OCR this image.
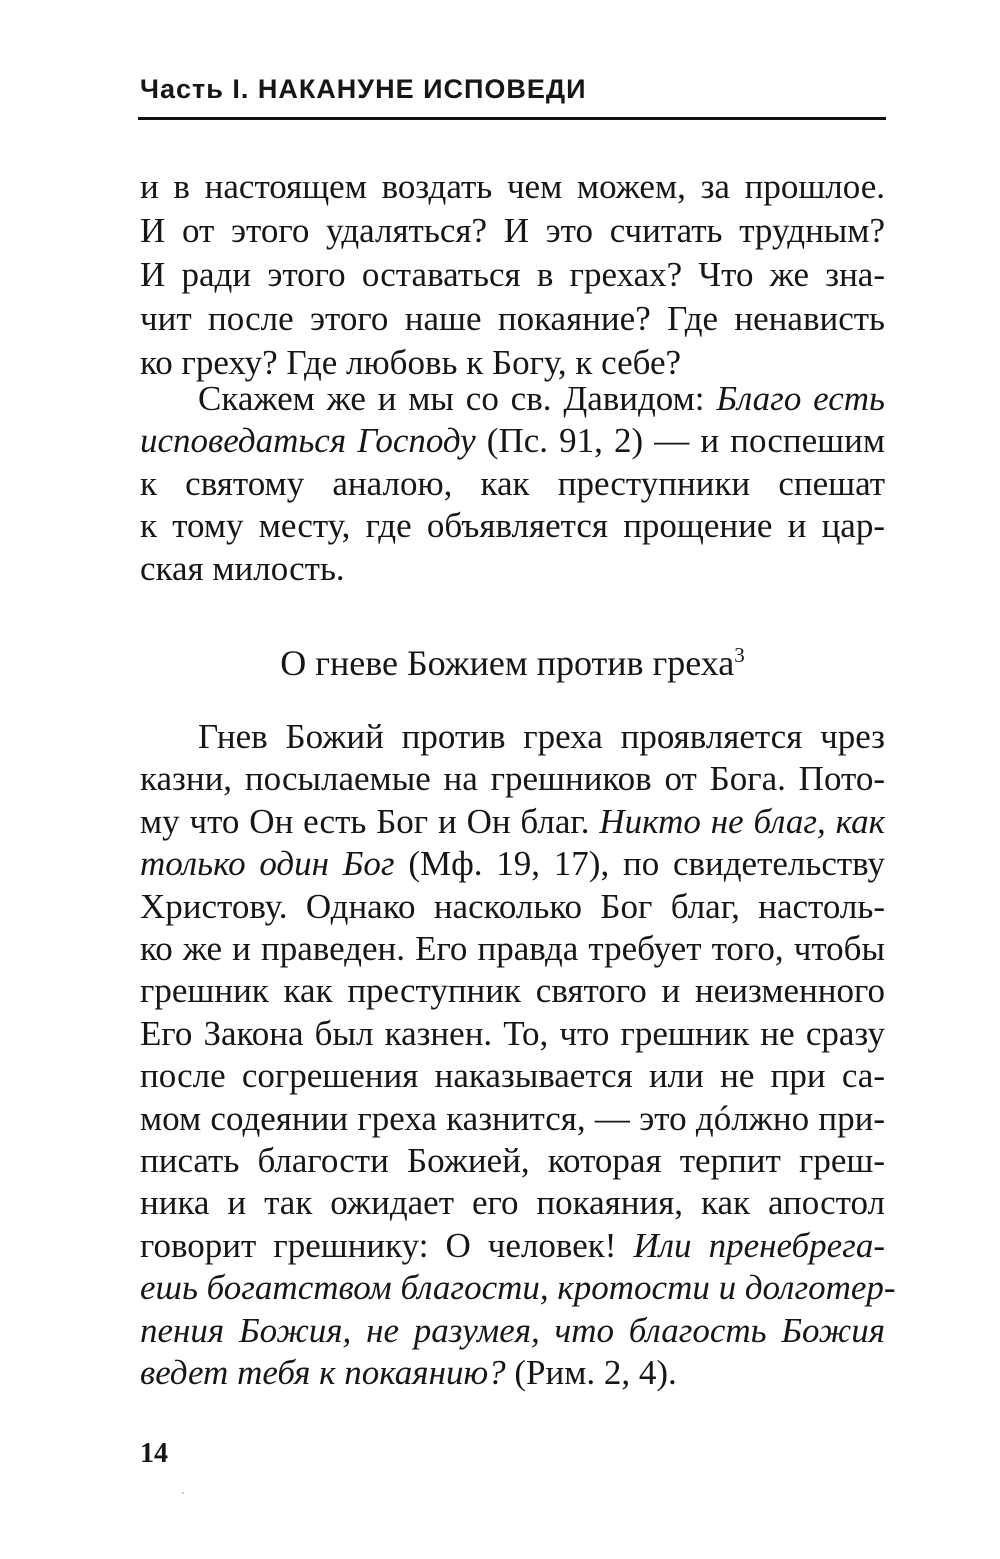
Часть I. НАКАНУНЕ ИСПОВЕДИ
и в настоящем воздать чем можем, за прошлое.
И от этого удаляться? И это считать трудным?
И ради этого оставаться в грехах? Что же зна-
чит после этого наше покаяние? Где ненависть
ко греху? Где любовь к Богу, к себе?
Скажем же и мы со св. Давидом: Благо есть
исповедаться Господу (Пс. 91, 2) — и поспешим
к святому аналою, как преступники спешат
к тому месту, где объявляется прощение и цар-
ская милость.
О гневе Божием против греха$^3$
Гнев Божий против греха проявляется чрез
казни, посылаемые на грешников от Бога. Пото-
му что Он есть Бог и Он благ. Никто не благ, как
только один Бог (Мф. 19, 17), по свидетельству
Христову. Однако насколько Бог благ, настоль-
ко же и праведен. Его правда требует того, чтобы
грешник как преступник святого и неизменного
Его Закона был казнен. То, что грешник не сразу
после согрешения наказывается или не при са-
мом содеянии греха казнится, — это дóлжно при-
писать благости Божией, которая терпит греш-
ника и так ожидает его покаяния, как апостол
говорит грешнику: О человек! Или пренебрега-
ешь богатством благости, кротости и долготер-
пения Божия, не разумея, что благость Божия
ведет тебя к покаянию? (Рим. 2, 4).
14
